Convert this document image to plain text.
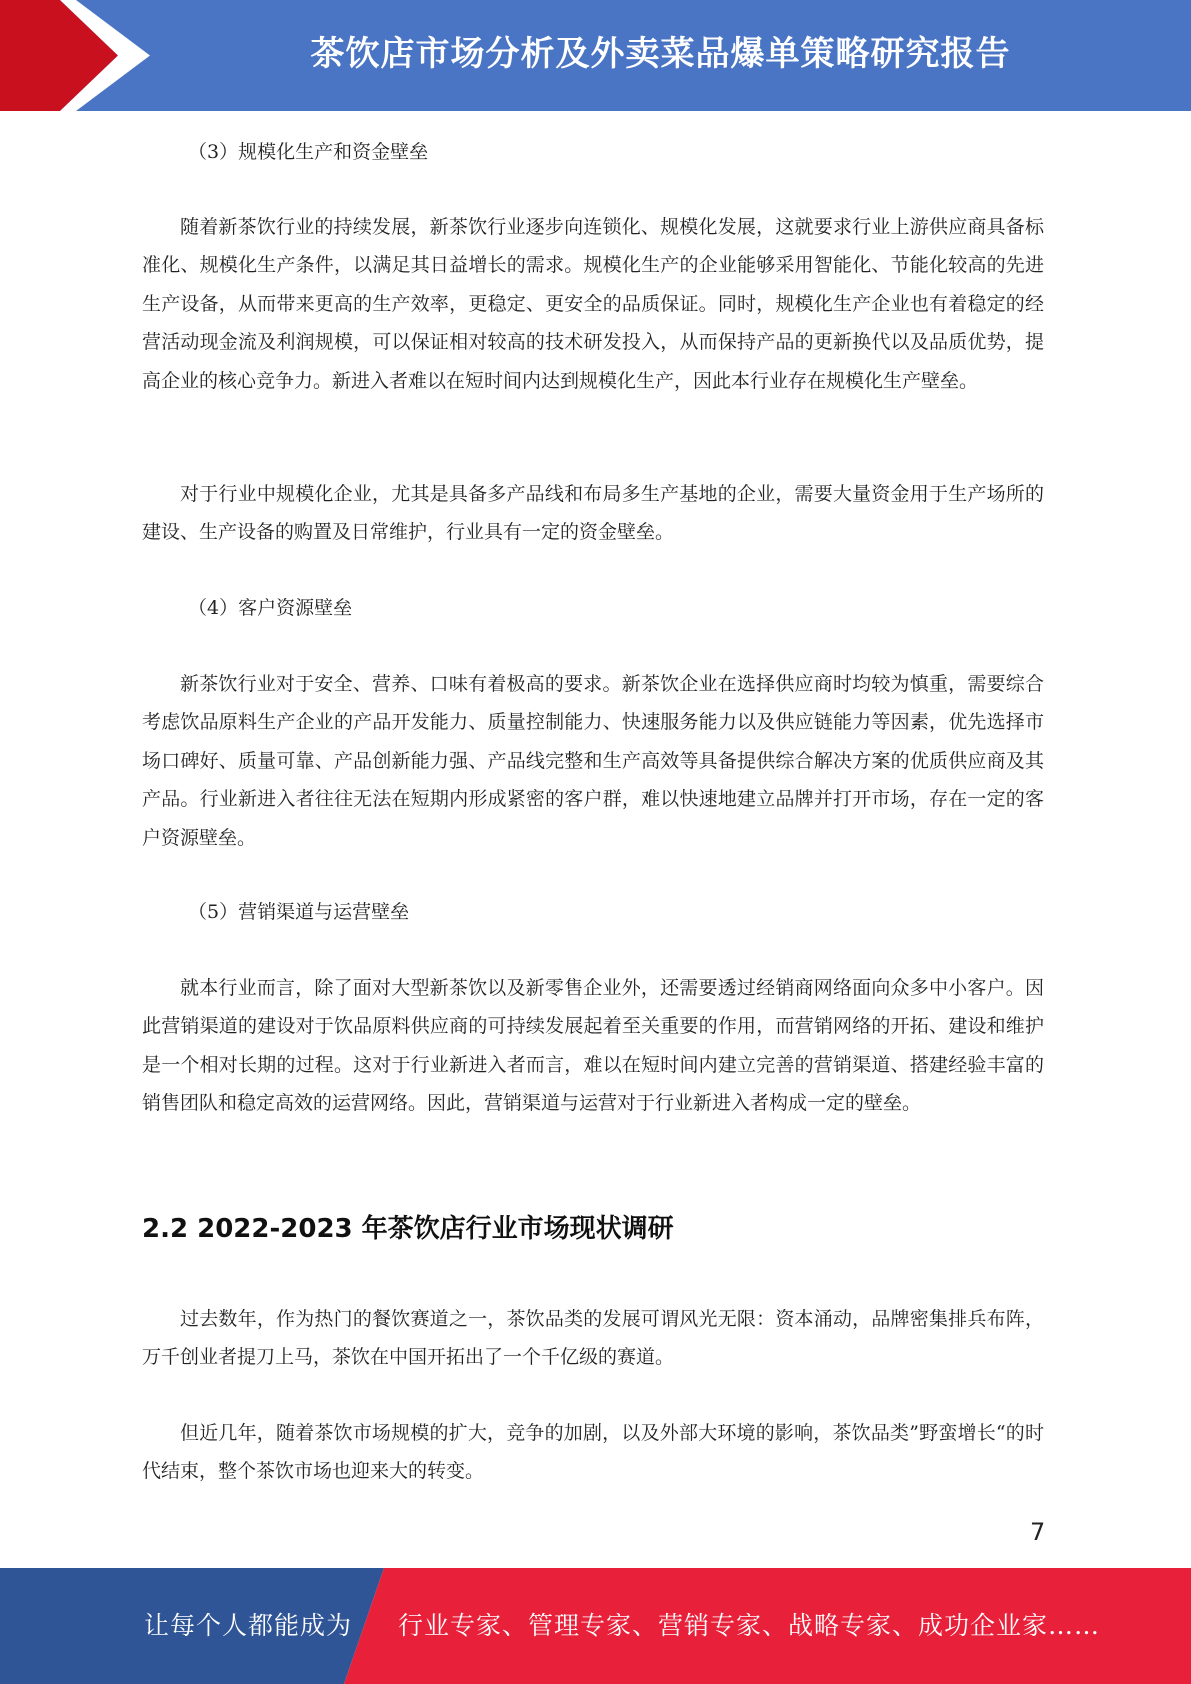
茶饮店市场分析及外卖菜品爆单策略研究报告
（3）规模化生产和资金壁垒

随着新茶饮行业的持续发展，新茶饮行业逐步向连锁化、规模化发展，这就要求行业上游供应商具备标准化、规模化生产条件，以满足其日益增长的需求。规模化生产的企业能够采用智能化、节能化较高的先进生产设备，从而带来更高的生产效率，更稳定、更安全的品质保证。同时，规模化生产企业也有着稳定的经营活动现金流及利润规模，可以保证相对较高的技术研发投入，从而保持产品的更新换代以及品质优势，提高企业的核心竞争力。新进入者难以在短时间内达到规模化生产，因此本行业存在规模化生产壁垒。

对于行业中规模化企业，尤其是具备多产品线和布局多生产基地的企业，需要大量资金用于生产场所的建设、生产设备的购置及日常维护，行业具有一定的资金壁垒。

（4）客户资源壁垒

新茶饮行业对于安全、营养、口味有着极高的要求。新茶饮企业在选择供应商时均较为慎重，需要综合考虑饮品原料生产企业的产品开发能力、质量控制能力、快速服务能力以及供应链能力等因素，优先选择市场口碑好、质量可靠、产品创新能力强、产品线完整和生产高效等具备提供综合解决方案的优质供应商及其产品。行业新进入者往往无法在短期内形成紧密的客户群，难以快速地建立品牌并打开市场，存在一定的客户资源壁垒。

（5）营销渠道与运营壁垒

就本行业而言，除了面对大型新茶饮以及新零售企业外，还需要透过经销商网络面向众多中小客户。因此营销渠道的建设对于饮品原料供应商的可持续发展起着至关重要的作用，而营销网络的开拓、建设和维护是一个相对长期的过程。这对于行业新进入者而言，难以在短时间内建立完善的营销渠道、搭建经验丰富的销售团队和稳定高效的运营网络。因此，营销渠道与运营对于行业新进入者构成一定的壁垒。

2.2 2022-2023 年茶饮店行业市场现状调研

过去数年，作为热门的餐饮赛道之一，茶饮品类的发展可谓风光无限：资本涌动，品牌密集排兵布阵，万千创业者提刀上马，茶饮在中国开拓出了一个千亿级的赛道。

但近几年，随着茶饮市场规模的扩大，竞争的加剧，以及外部大环境的影响，茶饮品类”野蛮增长“的时代结束，整个茶饮市场也迎来大的转变。

7
让每个人都能成为 行业专家、管理专家、营销专家、战略专家、成功企业家……
